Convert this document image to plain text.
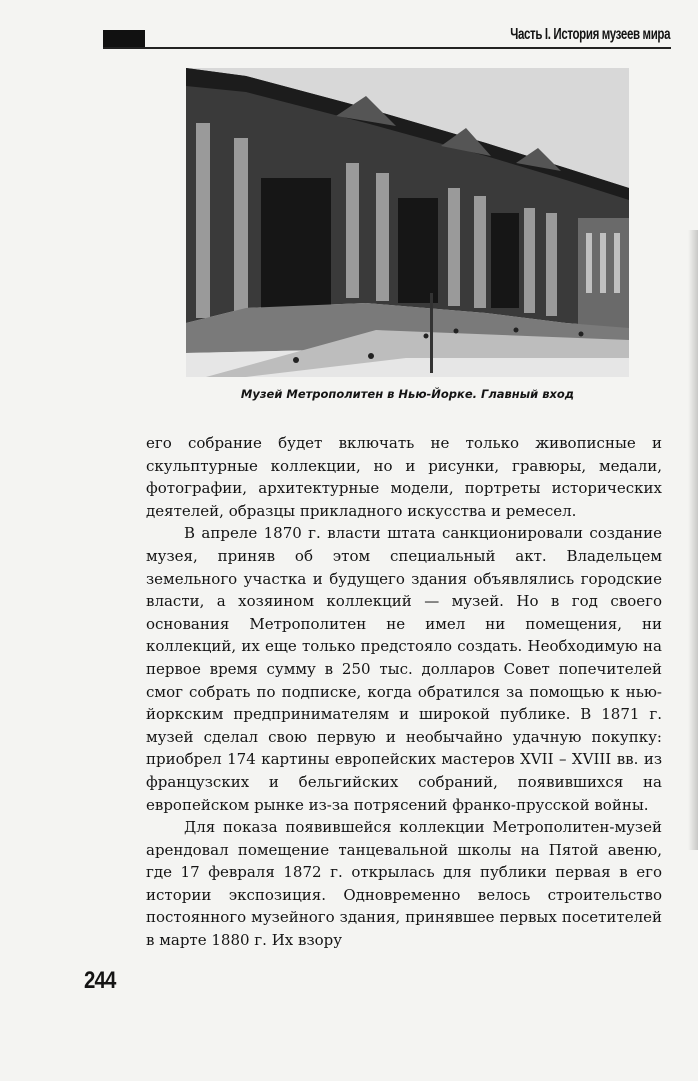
Часть I. История музеев мира
Музей Метрополитен в Нью-Йорке. Главный вход

его собрание будет включать не только живописные и скульптурные коллекции, но и рисунки, гравюры, медали, фотографии, архитектурные модели, портреты исторических деятелей, образцы прикладного искусства и ремесел.

В апреле 1870 г. власти штата санкционировали создание музея, приняв об этом специальный акт. Владельцем земельного участка и будущего здания объявлялись городские власти, а хозяином коллекций — музей. Но в год своего основания Метрополитен не имел ни помещения, ни коллекций, их еще только предстояло создать. Необходимую на первое время сумму в 250 тыс. долларов Совет попечителей смог собрать по подписке, когда обратился за помощью к нью-йоркским предпринимателям и широкой публике. В 1871 г. музей сделал свою первую и необычайно удачную покупку: приобрел 174 картины европейских мастеров XVII – XVIII вв. из французских и бельгийских собраний, появившихся на европейском рынке из-за потрясений франко-прусской войны.

Для показа появившейся коллекции Метрополитен-музей арендовал помещение танцевальной школы на Пятой авеню, где 17 февраля 1872 г. открылась для публики первая в его истории экспозиция. Одновременно велось строительство постоянного музейного здания, принявшее первых посетителей в марте 1880 г. Их взору

244
